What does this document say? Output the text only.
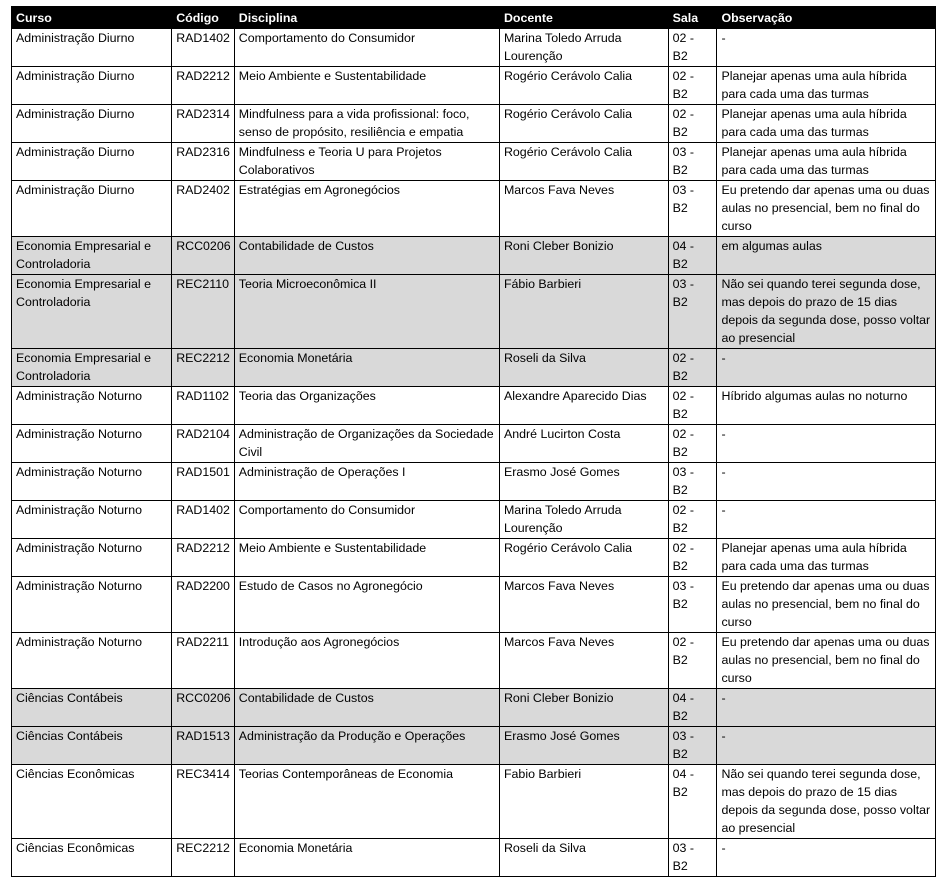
Curso	Código	Disciplina	Docente	Sala	Observação
Administração Diurno	RAD1402	Comportamento do Consumidor	Marina Toledo Arruda Lourenção	02 - B2	-
Administração Diurno	RAD2212	Meio Ambiente e Sustentabilidade	Rogério Cerávolo Calia	02 - B2	Planejar apenas uma aula híbrida para cada uma das turmas
Administração Diurno	RAD2314	Mindfulness para a vida profissional: foco, senso de propósito, resiliência e empatia	Rogério Cerávolo Calia	02 - B2	Planejar apenas uma aula híbrida para cada uma das turmas
Administração Diurno	RAD2316	Mindfulness e Teoria U para Projetos Colaborativos	Rogério Cerávolo Calia	03 - B2	Planejar apenas uma aula híbrida para cada uma das turmas
Administração Diurno	RAD2402	Estratégias em Agronegócios	Marcos Fava Neves	03 - B2	Eu pretendo dar apenas uma ou duas aulas no presencial, bem no final do curso
Economia Empresarial e Controladoria	RCC0206	Contabilidade de Custos	Roni Cleber Bonizio	04 - B2	em algumas aulas
Economia Empresarial e Controladoria	REC2110	Teoria Microeconômica II	Fábio Barbieri	03 - B2	Não sei quando terei segunda dose, mas depois do prazo de 15 dias depois da segunda dose, posso voltar ao presencial
Economia Empresarial e Controladoria	REC2212	Economia Monetária	Roseli da Silva	02 - B2	-
Administração Noturno	RAD1102	Teoria das Organizações	Alexandre Aparecido Dias	02 - B2	Híbrido algumas aulas no noturno
Administração Noturno	RAD2104	Administração de Organizações da Sociedade Civil	André Lucirton Costa	02 - B2	-
Administração Noturno	RAD1501	Administração de Operações I	Erasmo José Gomes	03 - B2	-
Administração Noturno	RAD1402	Comportamento do Consumidor	Marina Toledo Arruda Lourenção	02 - B2	-
Administração Noturno	RAD2212	Meio Ambiente e Sustentabilidade	Rogério Cerávolo Calia	02 - B2	Planejar apenas uma aula híbrida para cada uma das turmas
Administração Noturno	RAD2200	Estudo de Casos no Agronegócio	Marcos Fava Neves	03 - B2	Eu pretendo dar apenas uma ou duas aulas no presencial, bem no final do curso
Administração Noturno	RAD2211	Introdução aos Agronegócios	Marcos Fava Neves	02 - B2	Eu pretendo dar apenas uma ou duas aulas no presencial, bem no final do curso
Ciências Contábeis	RCC0206	Contabilidade de Custos	Roni Cleber Bonizio	04 - B2	-
Ciências Contábeis	RAD1513	Administração da Produção e Operações	Erasmo José Gomes	03 - B2	-
Ciências Econômicas	REC3414	Teorias Contemporâneas de Economia	Fabio Barbieri	04 - B2	Não sei quando terei segunda dose, mas depois do prazo de 15 dias depois da segunda dose, posso voltar ao presencial
Ciências Econômicas	REC2212	Economia Monetária	Roseli da Silva	03 - B2	-
